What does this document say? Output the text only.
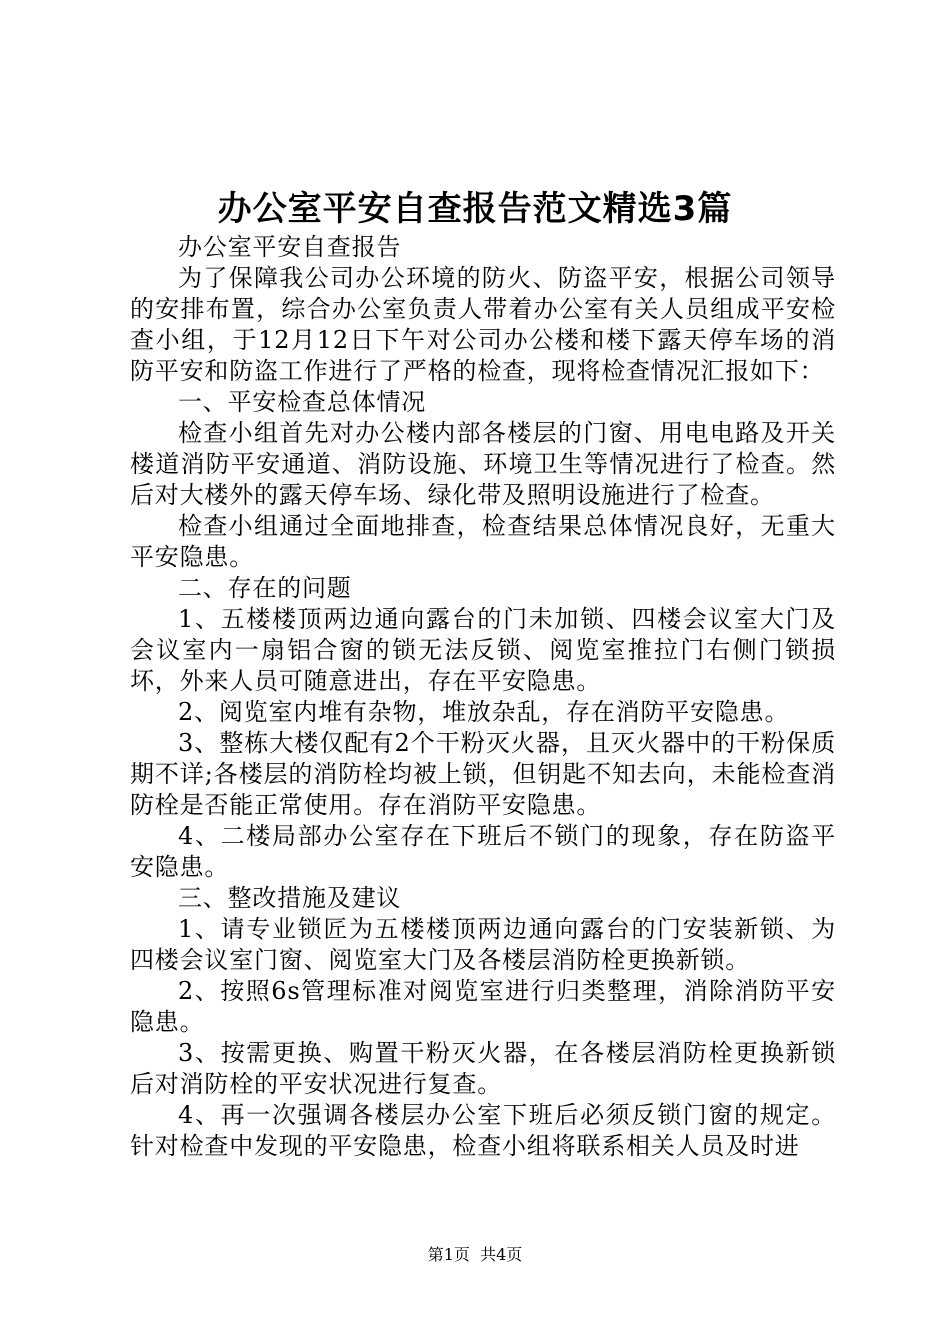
办公室平安自查报告范文精选3篇

办公室平安自查报告

为了保障我公司办公环境的防火、防盗平安，根据公司领导的安排布置，综合办公室负责人带着办公室有关人员组成平安检查小组，于12月12日下午对公司办公楼和楼下露天停车场的消防平安和防盗工作进行了严格的检查，现将检查情况汇报如下：

一、平安检查总体情况

检查小组首先对办公楼内部各楼层的门窗、用电电路及开关楼道消防平安通道、消防设施、环境卫生等情况进行了检查。然后对大楼外的露天停车场、绿化带及照明设施进行了检查。

检查小组通过全面地排查，检查结果总体情况良好，无重大平安隐患。

二、存在的问题

1、五楼楼顶两边通向露台的门未加锁、四楼会议室大门及会议室内一扇铝合窗的锁无法反锁、阅览室推拉门右侧门锁损坏，外来人员可随意进出，存在平安隐患。

2、阅览室内堆有杂物，堆放杂乱，存在消防平安隐患。

3、整栋大楼仅配有2个干粉灭火器，且灭火器中的干粉保质期不详;各楼层的消防栓均被上锁，但钥匙不知去向，未能检查消防栓是否能正常使用。存在消防平安隐患。

4、二楼局部办公室存在下班后不锁门的现象，存在防盗平安隐患。

三、整改措施及建议

1、请专业锁匠为五楼楼顶两边通向露台的门安装新锁、为四楼会议室门窗、阅览室大门及各楼层消防栓更换新锁。

2、按照6s管理标准对阅览室进行归类整理，消除消防平安隐患。

3、按需更换、购置干粉灭火器，在各楼层消防栓更换新锁后对消防栓的平安状况进行复查。

4、再一次强调各楼层办公室下班后必须反锁门窗的规定。针对检查中发现的平安隐患，检查小组将联系相关人员及时进

第1页 共4页
